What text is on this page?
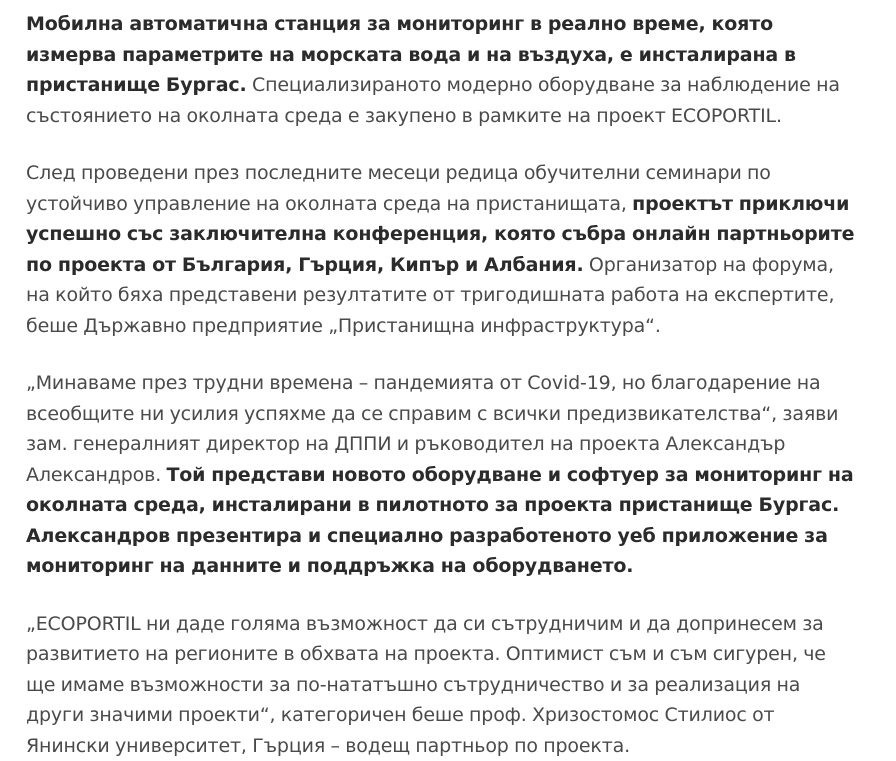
Мобилна автоматична станция за мониторинг в реално време, която измерва параметрите на морската вода и на въздуха, е инсталирана в пристанище Бургас. Специализираното модерно оборудване за наблюдение на състоянието на околната среда е закупено в рамките на проект ECOPORTIL.

След проведени през последните месеци редица обучителни семинари по устойчиво управление на околната среда на пристанищата, проектът приключи успешно със заключителна конференция, която събра онлайн партньорите по проекта от България, Гърция, Кипър и Албания. Организатор на форума, на който бяха представени резултатите от тригодишната работа на експертите, беше Държавно предприятие „Пристанищна инфраструктура“.

„Минаваме през трудни времена – пандемията от Covid-19, но благодарение на всеобщите ни усилия успяхме да се справим с всички предизвикателства“, заяви зам. генералният директор на ДППИ и ръководител на проекта Александър Александров. Той представи новото оборудване и софтуер за мониторинг на околната среда, инсталирани в пилотното за проекта пристанище Бургас. Александров презентира и специално разработеното уеб приложение за мониторинг на данните и поддръжка на оборудването.

„ECOPORTIL ни даде голяма възможност да си сътрудничим и да допринесем за развитието на регионите в обхвата на проекта. Оптимист съм и съм сигурен, че ще имаме възможности за по-нататъшно сътрудничество и за реализация на други значими проекти“, категоричен беше проф. Хризостомос Стилиос от Янински университет, Гърция – водещ партньор по проекта.
